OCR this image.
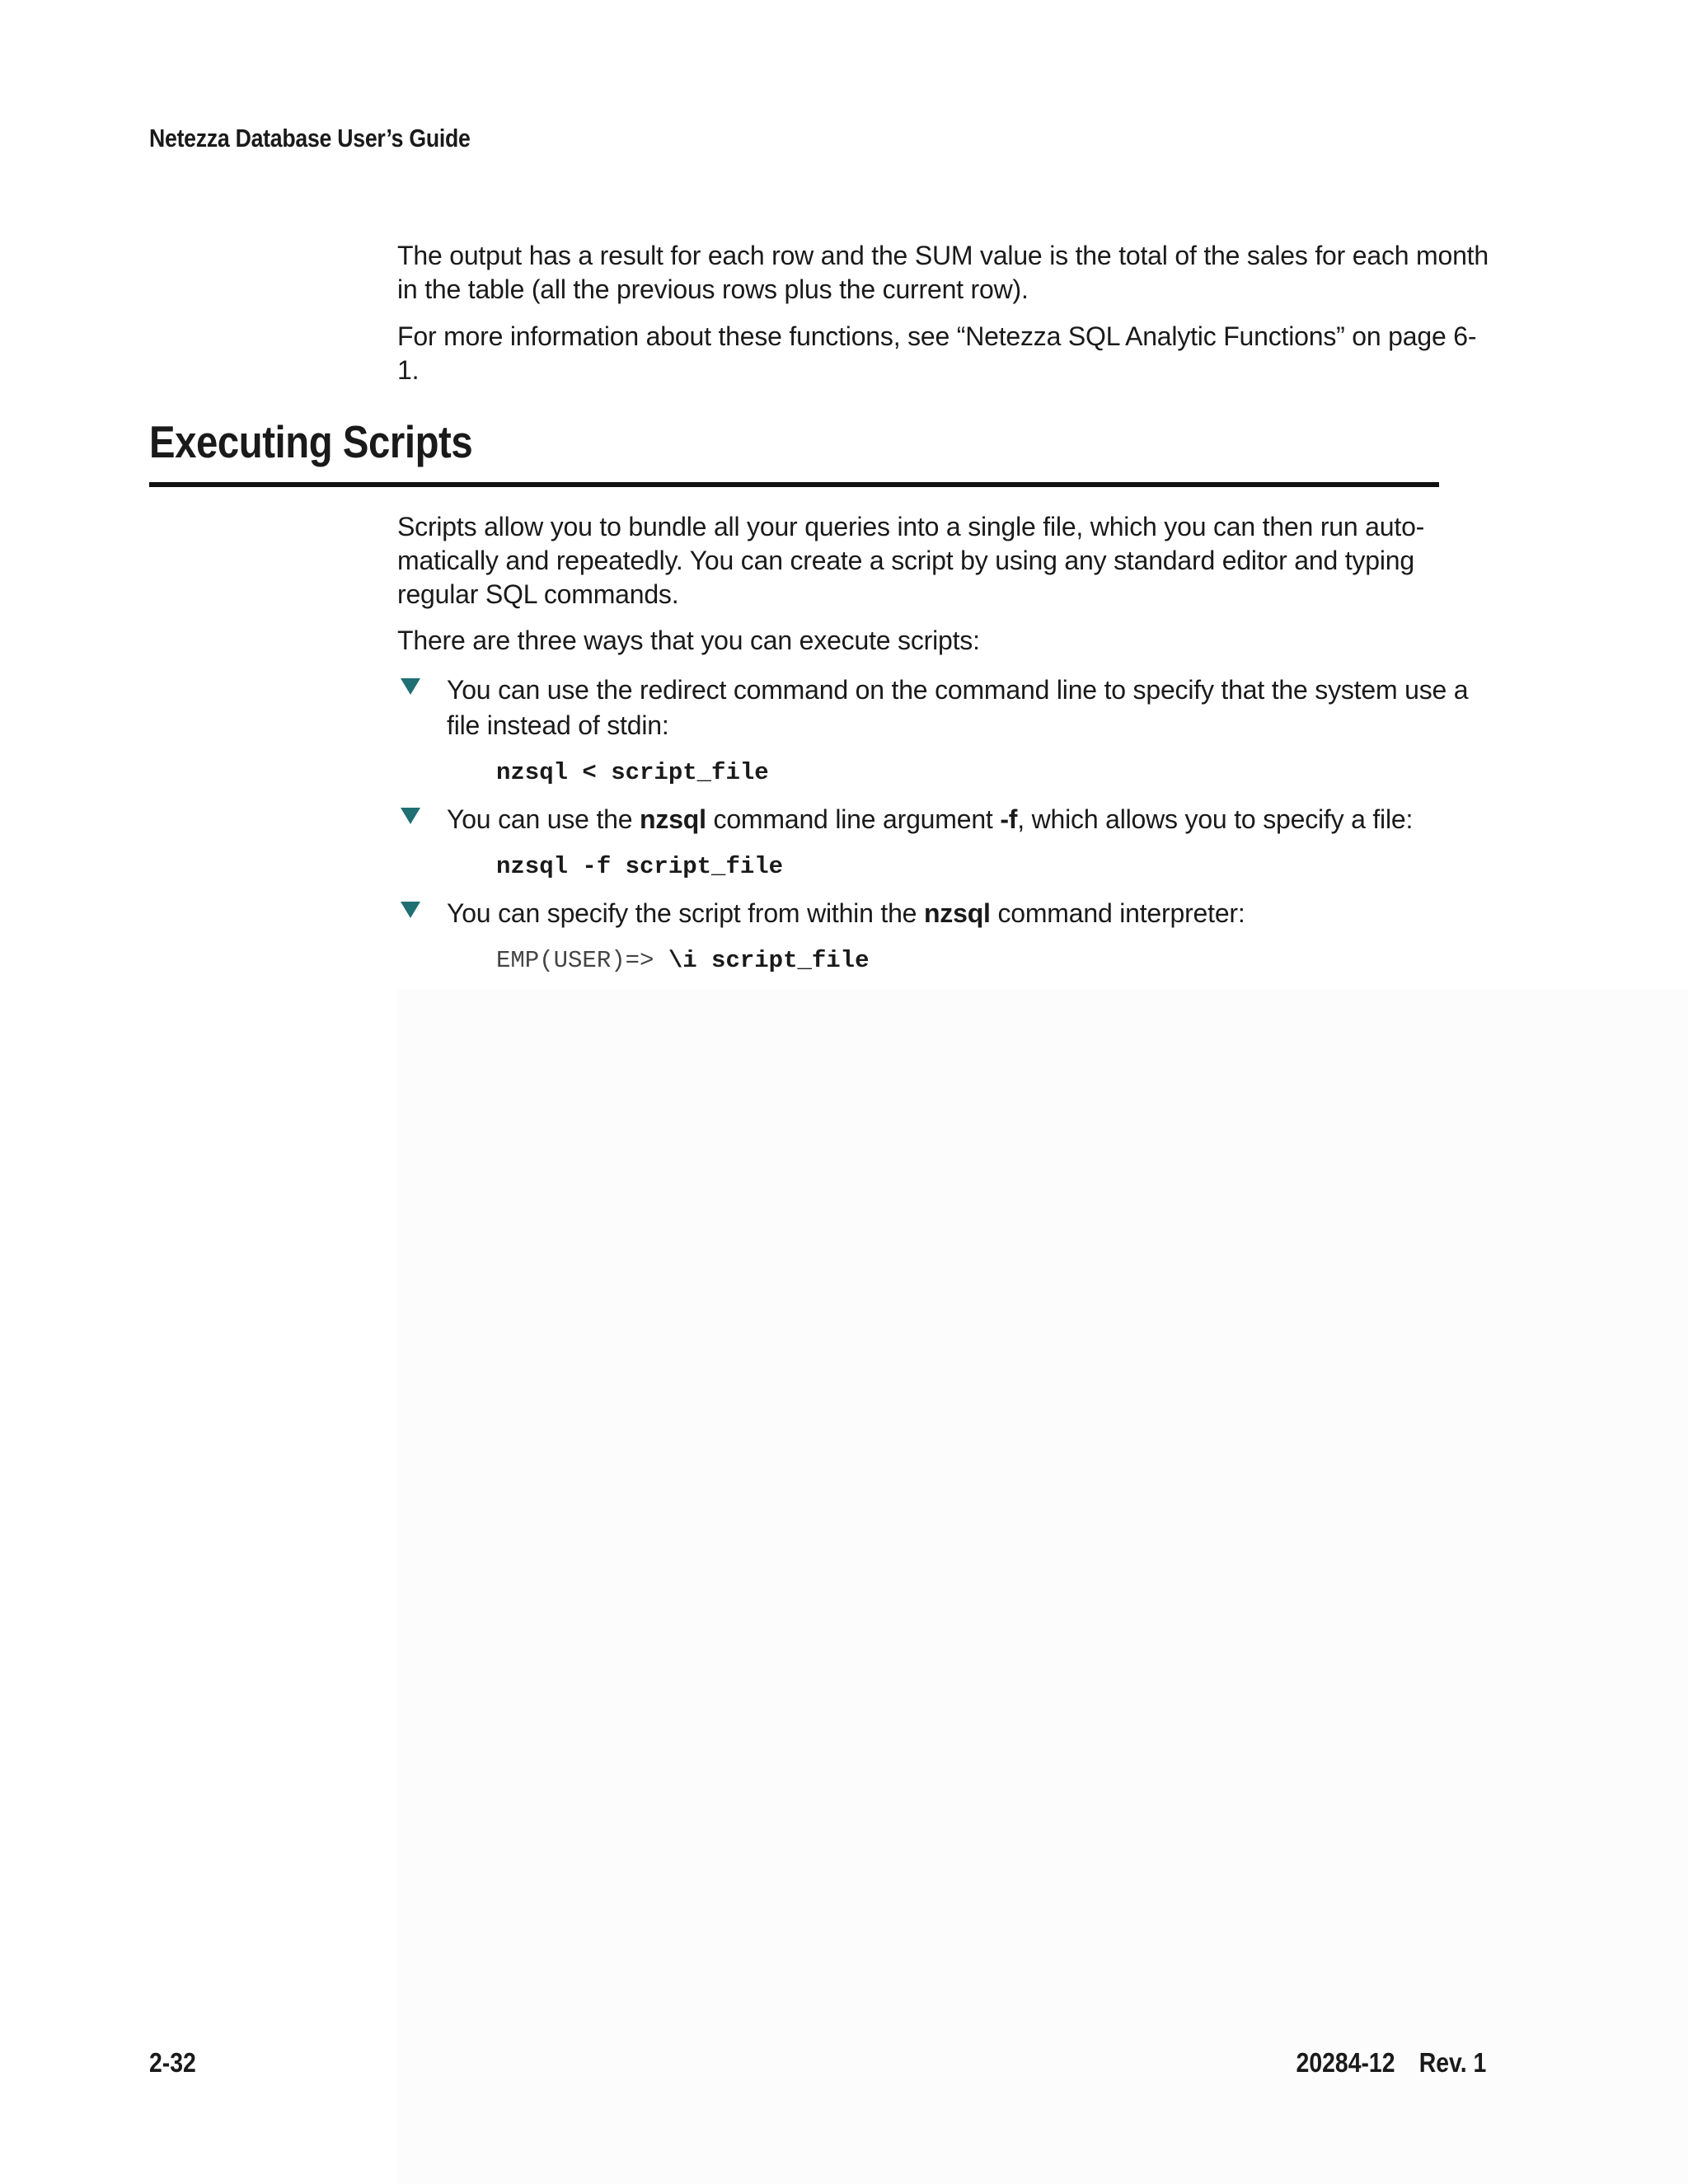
Netezza Database User’s Guide

The output has a result for each row and the SUM value is the total of the sales for each month in the table (all the previous rows plus the current row).

For more information about these functions, see “Netezza SQL Analytic Functions” on page 6-1.

Executing Scripts

Scripts allow you to bundle all your queries into a single file, which you can then run auto-matically and repeatedly. You can create a script by using any standard editor and typing regular SQL commands.

There are three ways that you can execute scripts:

You can use the redirect command on the command line to specify that the system use a file instead of stdin:

nzsql < script_file

You can use the nzsql command line argument -f, which allows you to specify a file:

nzsql -f script_file

You can specify the script from within the nzsql command interpreter:

EMP(USER)=> \i script_file
2-32	20284-12 Rev. 1
